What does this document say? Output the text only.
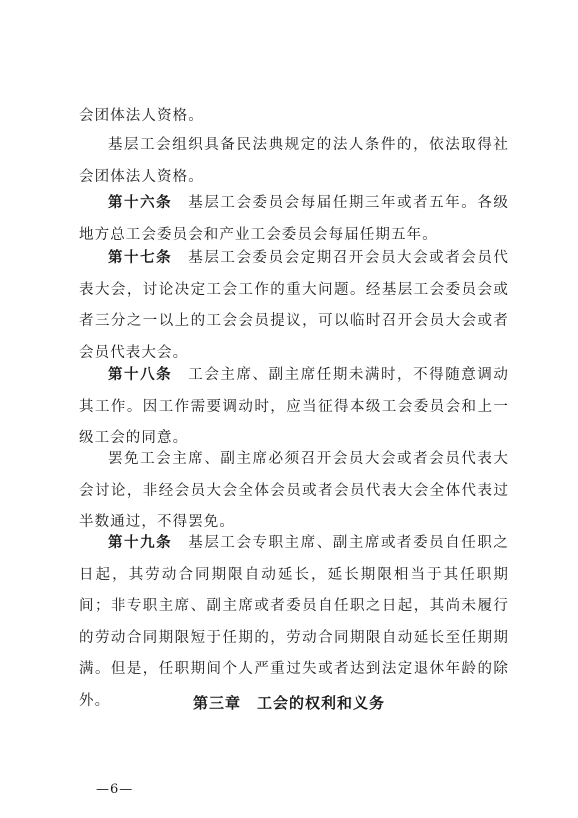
会团体法人资格。

基层工会组织具备民法典规定的法人条件的，依法取得社会团体法人资格。

第十六条　 基层工会委员会每届任期三年或者五年。各级地方总工会委员会和产业工会委员会每届任期五年。

第十七条　 基层工会委员会定期召开会员大会或者会员代表大会，讨论决定工会工作的重大问题。经基层工会委员会或者三分之一以上的工会会员提议，可以临时召开会员大会或者会员代表大会。

第十八条　 工会主席、副主席任期未满时，不得随意调动其工作。因工作需要调动时，应当征得本级工会委员会和上一级工会的同意。

罢免工会主席、副主席必须召开会员大会或者会员代表大会讨论，非经会员大会全体会员或者会员代表大会全体代表过半数通过，不得罢免。

第十九条　 基层工会专职主席、副主席或者委员自任职之日起，其劳动合同期限自动延长，延长期限相当于其任职期间；非专职主席、副主席或者委员自任职之日起，其尚未履行的劳动合同期限短于任期的，劳动合同期限自动延长至任期期满。但是，任职期间个人严重过失或者达到法定退休年龄的除外。	第三章　工会的权利和义务
—6—
